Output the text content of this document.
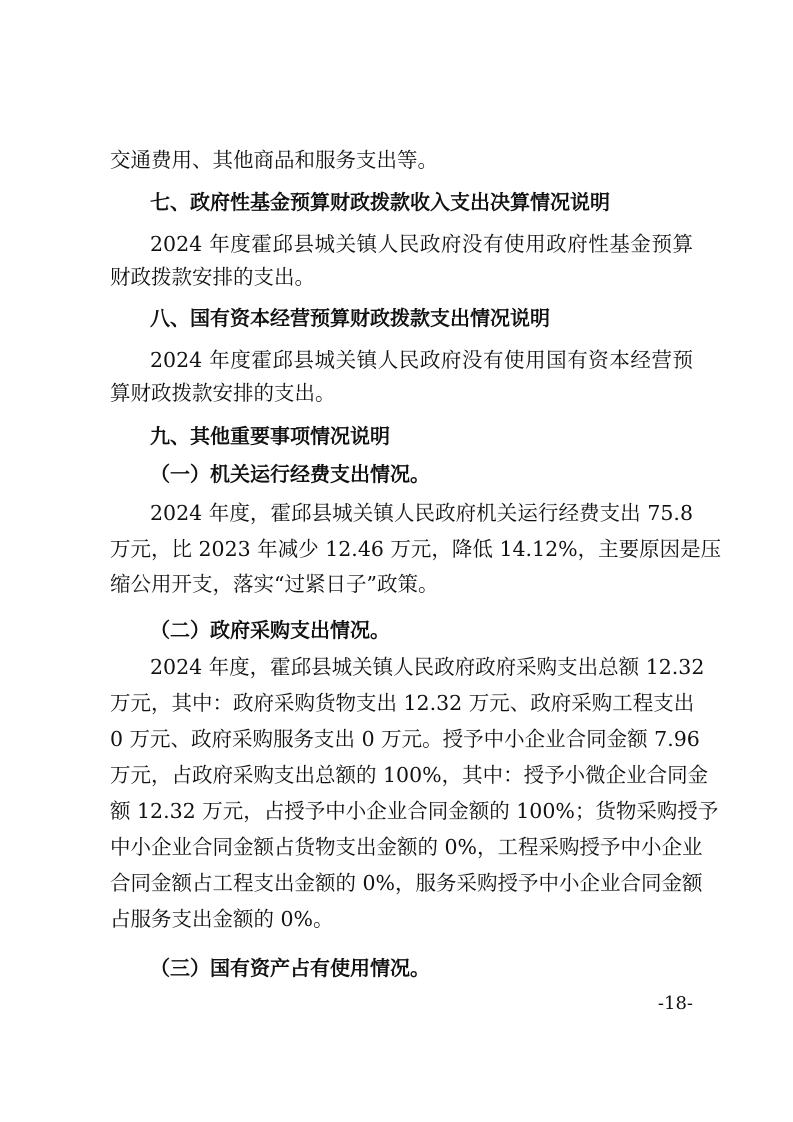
交通费用、其他商品和服务支出等。
七、政府性基金预算财政拨款收入支出决算情况说明
2024 年度霍邱县城关镇人民政府没有使用政府性基金预算
财政拨款安排的支出。
八、国有资本经营预算财政拨款支出情况说明
2024 年度霍邱县城关镇人民政府没有使用国有资本经营预
算财政拨款安排的支出。
九、其他重要事项情况说明
（一）机关运行经费支出情况。
2024 年度，霍邱县城关镇人民政府机关运行经费支出 75.8
万元，比 2023 年减少 12.46 万元，降低 14.12%，主要原因是压
缩公用开支，落实“过紧日子”政策。
（二）政府采购支出情况。
2024 年度，霍邱县城关镇人民政府政府采购支出总额 12.32
万元，其中：政府采购货物支出 12.32 万元、政府采购工程支出
0 万元、政府采购服务支出 0 万元。授予中小企业合同金额 7.96
万元，占政府采购支出总额的 100%，其中：授予小微企业合同金
额 12.32 万元，占授予中小企业合同金额的 100%；货物采购授予
中小企业合同金额占货物支出金额的 0%，工程采购授予中小企业
合同金额占工程支出金额的 0%，服务采购授予中小企业合同金额
占服务支出金额的 0%。
（三）国有资产占有使用情况。
-18-
